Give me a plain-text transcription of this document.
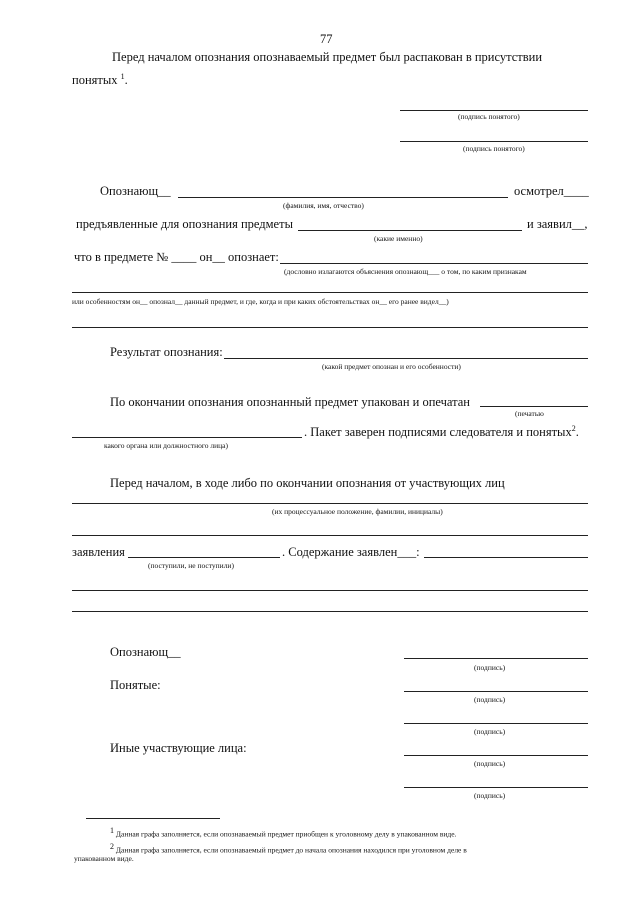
77
Перед началом опознания опознаваемый предмет был распакован в присутствии
понятых $^1$.
(подпись понятого)
(подпись понятого)
Опознающ__
(фамилия, имя, отчество)
осмотрел____
предъявленные для опознания предметы
(какие именно)
и заявил__,
что в предмете № ____ он__ опознает:
(дословно излагаются объяснения опознающ___ о том, по каким признакам
или особенностям он__ опознал__ данный предмет, и где, когда и при каких обстоятельствах он__ его ранее видел__)
Результат опознания:
(какой предмет опознан и его особенности)
По окончании опознания опознанный предмет упакован и опечатан
(печатью
какого органа или должностного лица)
. Пакет заверен подписями следователя и понятых$^2$.
Перед началом, в ходе либо по окончании опознания от участвующих лиц
(их процессуальное положение, фамилии, инициалы)
заявления
(поступили, не поступили)
. Содержание заявлен___:
Опознающ__
(подпись)
Понятые:
(подпись)
(подпись)
Иные участвующие лица:
(подпись)
(подпись)
$^1$ Данная графа заполняется, если опознаваемый предмет приобщен к уголовному делу в упакованном виде.
$^2$ Данная графа заполняется, если опознаваемый предмет до начала опознания находился при уголовном деле в
упакованном виде.
